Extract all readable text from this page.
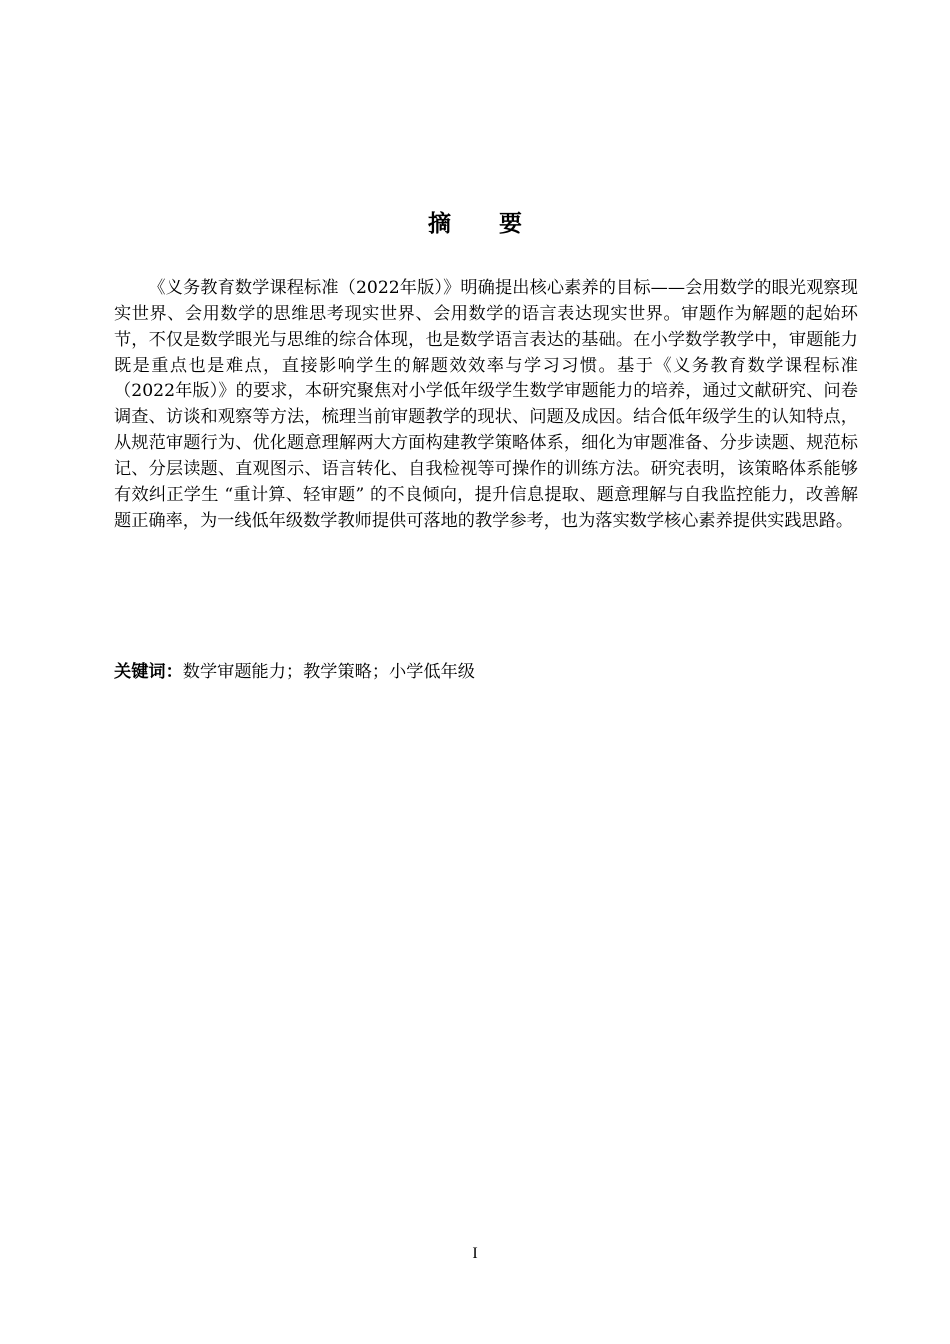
摘 要

《义务教育数学课程标准（2022年版）》明确提出核心素养的目标——会用数学的眼光观察现实世界、会用数学的思维思考现实世界、会用数学的语言表达现实世界。审题作为解题的起始环节，不仅是数学眼光与思维的综合体现，也是数学语言表达的基础。在小学数学教学中，审题能力既是重点也是难点，直接影响学生的解题效效率与学习习惯。基于《义务教育数学课程标准（2022年版）》的要求，本研究聚焦对小学低年级学生数学审题能力的培养，通过文献研究、问卷调查、访谈和观察等方法，梳理当前审题教学的现状、问题及成因。结合低年级学生的认知特点，从规范审题行为、优化题意理解两大方面构建教学策略体系，细化为审题准备、分步读题、规范标记、分层读题、直观图示、语言转化、自我检视等可操作的训练方法。研究表明，该策略体系能够有效纠正学生 “重计算、轻审题” 的不良倾向，提升信息提取、题意理解与自我监控能力，改善解题正确率，为一线低年级数学教师提供可落地的教学参考，也为落实数学核心素养提供实践思路。

关键词：数学审题能力；教学策略；小学低年级

I
